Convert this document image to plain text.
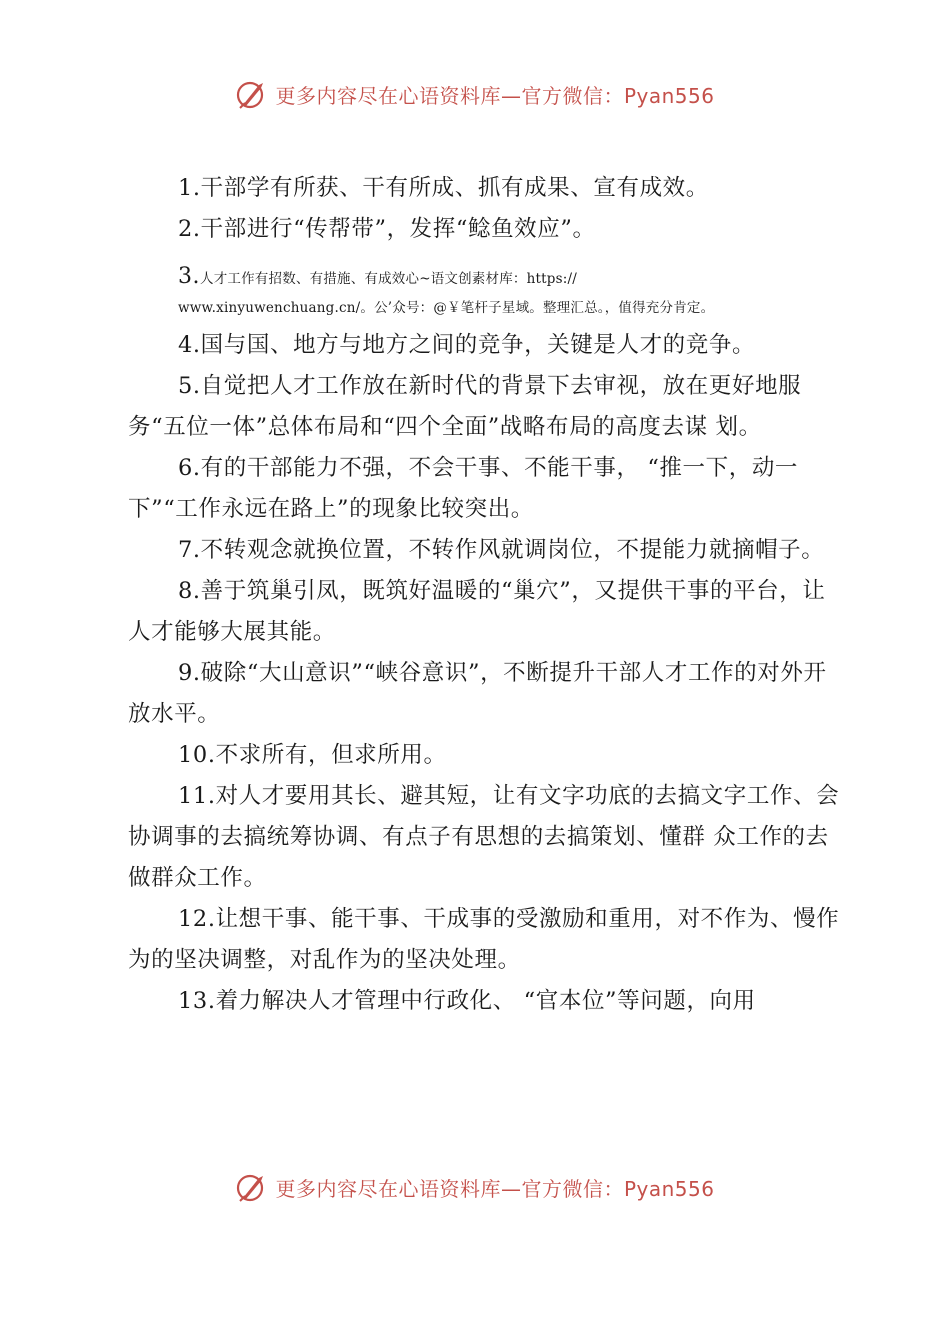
更多内容尽在心语资料库—官方微信：Pyan556

1.干部学有所获、干有所成、抓有成果、宣有成效。

2.干部进行“传帮带”，发挥“鲶鱼效应”。

3.人才工作有招数、有措施、有成效心~语文创素材库：https://
www.xinyuwenchuang.cn/。公’众号：@￥笔杆子星域。整理汇总。，值得充分肯定。

4.国与国、地方与地方之间的竞争，关键是人才的竞争。

5.自觉把人才工作放在新时代的背景下去审视，放在更好地服务“五位一体”总体布局和“四个全面”战略布局的高度去谋 划。

6.有的干部能力不强，不会干事、不能干事， “推一下，动一下”“工作永远在路上”的现象比较突出。

7.不转观念就换位置，不转作风就调岗位，不提能力就摘帽子。

8.善于筑巢引凤，既筑好温暖的“巢穴”，又提供干事的平台，让人才能够大展其能。

9.破除“大山意识”“峡谷意识”，不断提升干部人才工作的对外开放水平。

10.不求所有，但求所用。

11.对人才要用其长、避其短，让有文字功底的去搞文字工作、会协调事的去搞统筹协调、有点子有思想的去搞策划、懂群 众工作的去做群众工作。

12.让想干事、能干事、干成事的受激励和重用，对不作为、慢作为的坚决调整，对乱作为的坚决处理。

13.着力解决人才管理中行政化、 “官本位”等问题，向用

更多内容尽在心语资料库—官方微信：Pyan556
